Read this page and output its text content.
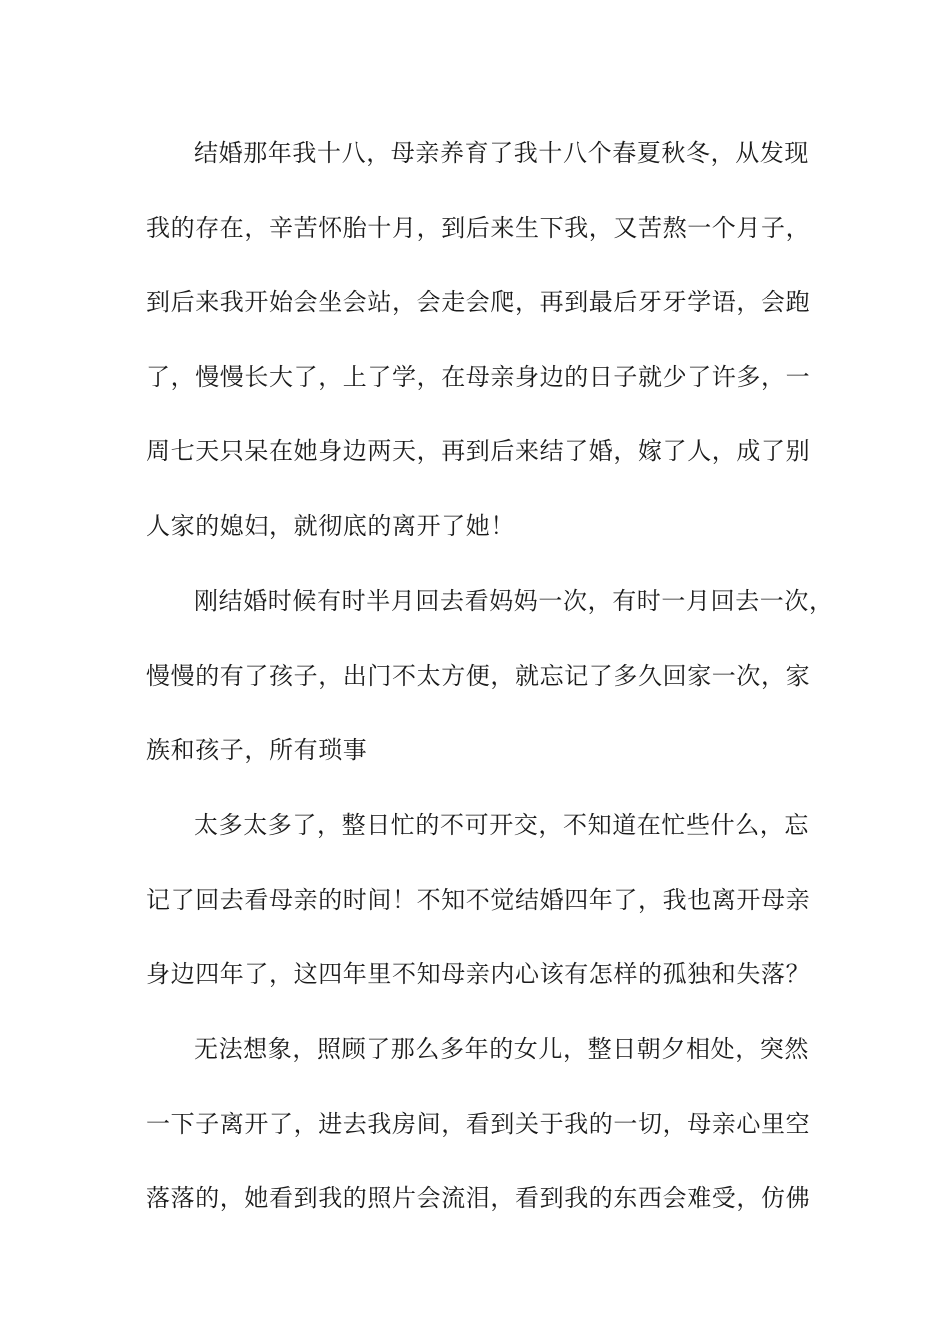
结婚那年我十八，母亲养育了我十八个春夏秋冬，从发现
我的存在，辛苦怀胎十月，到后来生下我，又苦熬一个月子，
到后来我开始会坐会站，会走会爬，再到最后牙牙学语，会跑
了，慢慢长大了，上了学，在母亲身边的日子就少了许多，一
周七天只呆在她身边两天，再到后来结了婚，嫁了人，成了别
人家的媳妇，就彻底的离开了她！
刚结婚时候有时半月回去看妈妈一次，有时一月回去一次，
慢慢的有了孩子，出门不太方便，就忘记了多久回家一次，家
族和孩子，所有琐事
太多太多了，整日忙的不可开交，不知道在忙些什么，忘
记了回去看母亲的时间！不知不觉结婚四年了，我也离开母亲
身边四年了，这四年里不知母亲内心该有怎样的孤独和失落？
无法想象，照顾了那么多年的女儿，整日朝夕相处，突然
一下子离开了，进去我房间，看到关于我的一切，母亲心里空
落落的，她看到我的照片会流泪，看到我的东西会难受，仿佛
